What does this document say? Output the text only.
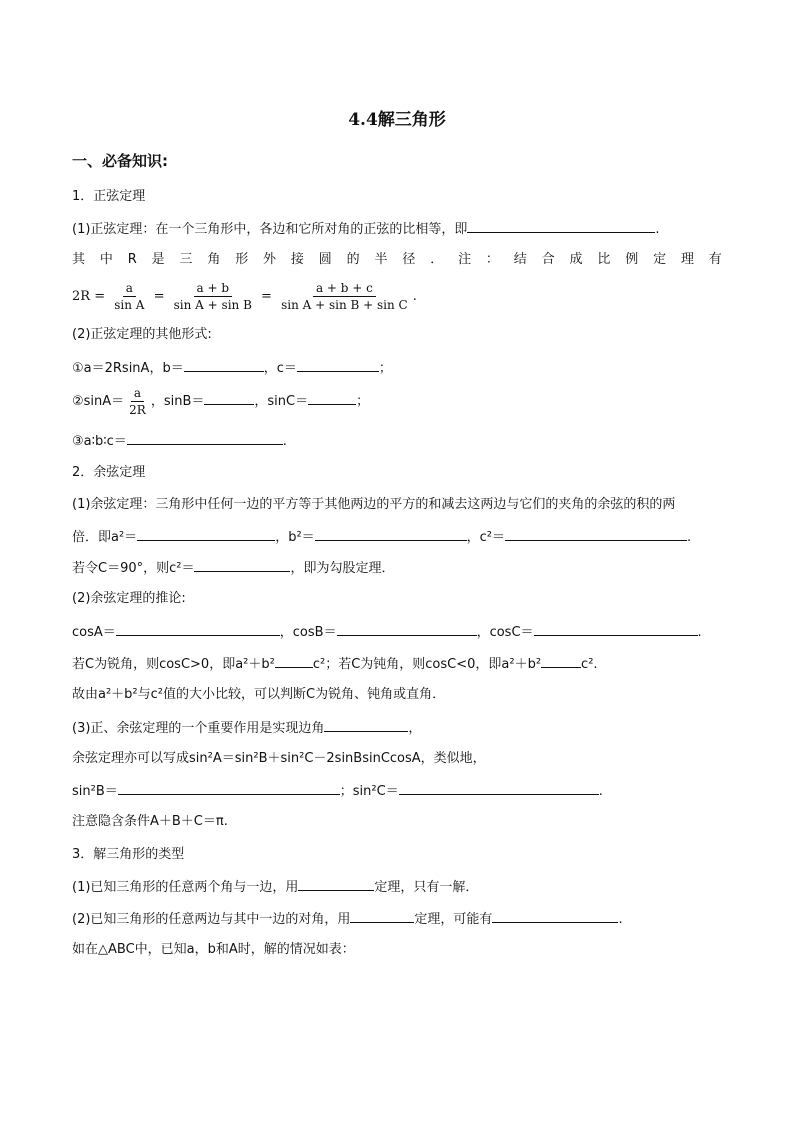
4.4解三角形
一、必备知识:
1．正弦定理
(1)正弦定理：在一个三角形中，各边和它所对角的正弦的比相等，即	.
其 中 R 是 三 角 形 外 接 圆 的 半 径 ． 注 ： 结 合 成 比 例 定 理 有
$2R = \frac{a}{\text{sin A}} = \frac{a + b}{\text{sin A + sin B}} = \frac{a + b + c}{\text{sin A + sin B + sin C}}$ .
(2)正弦定理的其他形式:
①a＝2RsinA，b＝	，c＝	；
②sinA＝ $\frac{a}{2R}$ ，sinB＝	，sinC＝	；
③a∶b∶c＝	.
2．余弦定理
(1)余弦定理：三角形中任何一边的平方等于其他两边的平方的和减去这两边与它们的夹角的余弦的积的两
倍．即a²＝	，b²＝	，c²＝	.
若令C＝90°，则c²＝	，即为勾股定理．
(2)余弦定理的推论:
cosA＝	，cosB＝	，cosC＝	.
若C为锐角，则cosC>0，即a²＋b²	c²；若C为钝角，则cosC<0，即a²＋b²	c².
故由a²＋b²与c²值的大小比较，可以判断C为锐角、钝角或直角．
(3)正、余弦定理的一个重要作用是实现边角	，
余弦定理亦可以写成sin²A＝sin²B＋sin²C－2sinBsinCcosA，类似地，
sin²B＝	；sin²C＝	.
注意隐含条件A＋B＋C＝π.
3．解三角形的类型
(1)已知三角形的任意两个角与一边，用	定理，只有一解．
(2)已知三角形的任意两边与其中一边的对角，用	定理，可能有	.
如在△ABC中，已知a，b和A时，解的情况如表：
